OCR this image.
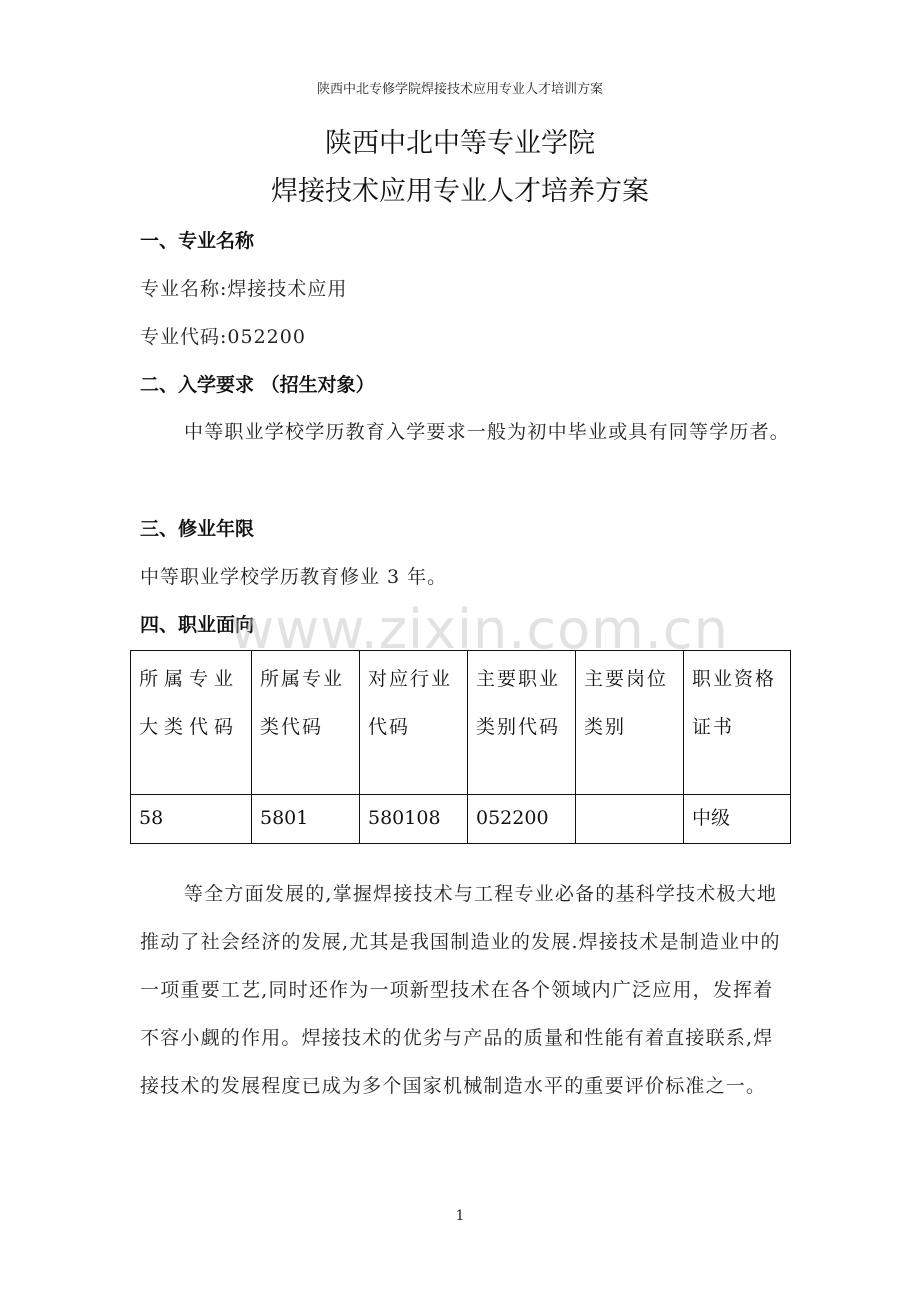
陕西中北专修学院焊接技术应用专业人才培训方案
陕西中北中等专业学院
焊接技术应用专业人才培养方案
一、专业名称
专业名称:焊接技术应用
专业代码:052200
二、入学要求 （招生对象）

中等职业学校学历教育入学要求一般为初中毕业或具有同等学历者。

三、修业年限
中等职业学校学历教育修业 3 年。
四、职业面向
www.zixin.com.cn
所属专业大类代码	所属专业类代码	对应行业代码	主要职业类别代码	主要岗位类别	职业资格证书
58	5801	580108	052200		中级

等全方面发展的,掌握焊接技术与工程专业必备的基科学技术极大地推动了社会经济的发展,尤其是我国制造业的发展.焊接技术是制造业中的一项重要工艺,同时还作为一项新型技术在各个领域内广泛应用，发挥着不容小觑的作用。焊接技术的优劣与产品的质量和性能有着直接联系,焊接技术的发展程度已成为多个国家机械制造水平的重要评价标准之一。

1
